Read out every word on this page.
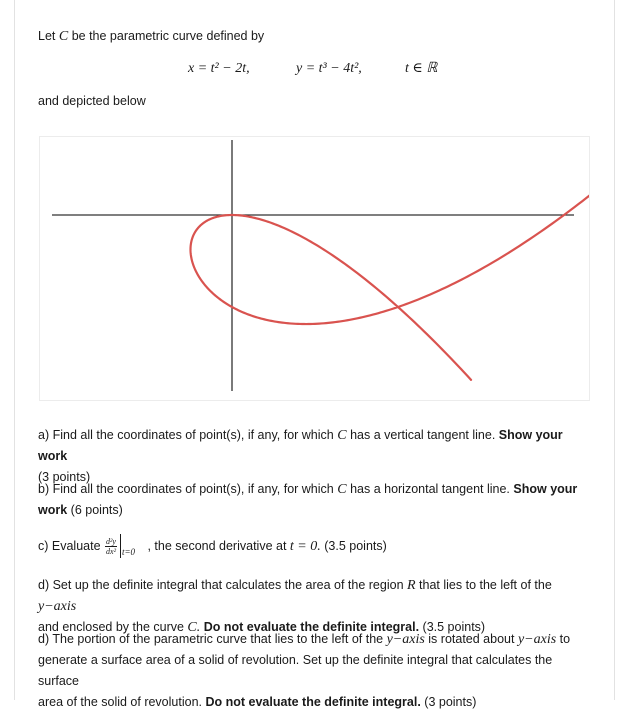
Let C be the parametric curve defined by
x = t² − 2t,	y = t³ − 4t²,	t ∈ ℝ
and depicted below
a) Find all the coordinates of point(s), if any, for which C has a vertical tangent line. Show your work
(3 points)
b) Find all the coordinates of point(s), if any, for which C has a horizontal tangent line. Show your work (6 points)
c) Evaluate $\frac{\text{d²y}}{\text{dx²}} t=0$ , the second derivative at t = 0. (3.5 points)
d) Set up the definite integral that calculates the area of the region R that lies to the left of the y−axis
and enclosed by the curve C. Do not evaluate the definite integral. (3.5 points)
d) The portion of the parametric curve that lies to the left of the y−axis is rotated about y−axis to
generate a surface area of a solid of revolution. Set up the definite integral that calculates the surface
area of the solid of revolution. Do not evaluate the definite integral. (3 points)
